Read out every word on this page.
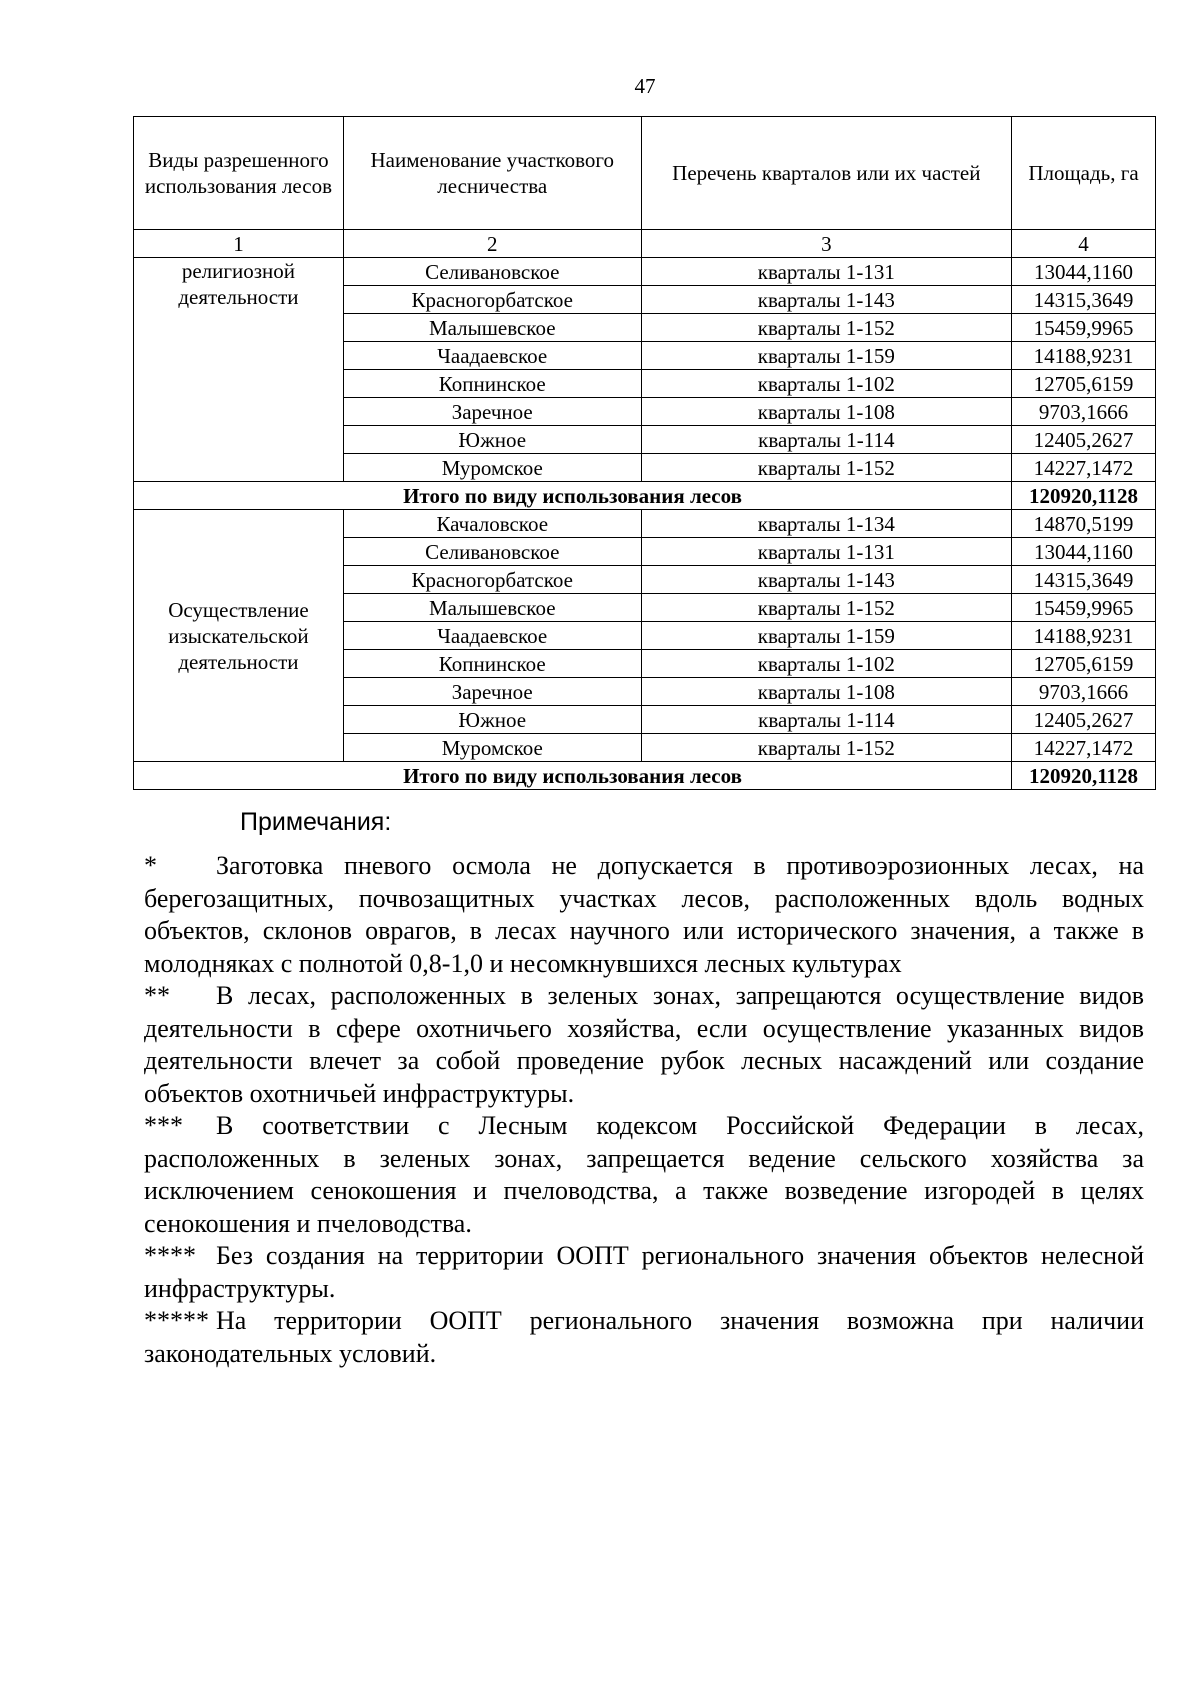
47
Виды разрешенного использования лесов	Наименование участкового лесничества	Перечень кварталов или их частей	Площадь, га
1	2	3	4
религиозной деятельности	Селивановское	кварталы 1-131	13044,1160
	Красногорбатское	кварталы 1-143	14315,3649
	Малышевское	кварталы 1-152	15459,9965
	Чаадаевское	кварталы 1-159	14188,9231
	Копнинское	кварталы 1-102	12705,6159
	Заречное	кварталы 1-108	9703,1666
	Южное	кварталы 1-114	12405,2627
	Муромское	кварталы 1-152	14227,1472
Итого по виду использования лесов			120920,1128
Осуществление изыскательской деятельности	Качаловское	кварталы 1-134	14870,5199
	Селивановское	кварталы 1-131	13044,1160
	Красногорбатское	кварталы 1-143	14315,3649
	Малышевское	кварталы 1-152	15459,9965
	Чаадаевское	кварталы 1-159	14188,9231
	Копнинское	кварталы 1-102	12705,6159
	Заречное	кварталы 1-108	9703,1666
	Южное	кварталы 1-114	12405,2627
	Муромское	кварталы 1-152	14227,1472
Итого по виду использования лесов			120920,1128
Примечания:

* Заготовка пневого осмола не допускается в противоэрозионных лесах, на берегозащитных, почвозащитных участках лесов, расположенных вдоль водных объектов, склонов оврагов, в лесах научного или исторического значения, а также в молодняках с полнотой 0,8-1,0 и несомкнувшихся лесных культурах

** В лесах, расположенных в зеленых зонах, запрещаются осуществление видов деятельности в сфере охотничьего хозяйства, если осуществление указанных видов деятельности влечет за собой проведение рубок лесных насаждений или создание объектов охотничьей инфраструктуры.

*** В соответствии с Лесным кодексом Российской Федерации в лесах, расположенных в зеленых зонах, запрещается ведение сельского хозяйства за исключением сенокошения и пчеловодства, а также возведение изгородей в целях сенокошения и пчеловодства.

**** Без создания на территории ООПТ регионального значения объектов нелесной инфраструктуры.

***** На территории ООПТ регионального значения возможна при наличии законодательных условий.
